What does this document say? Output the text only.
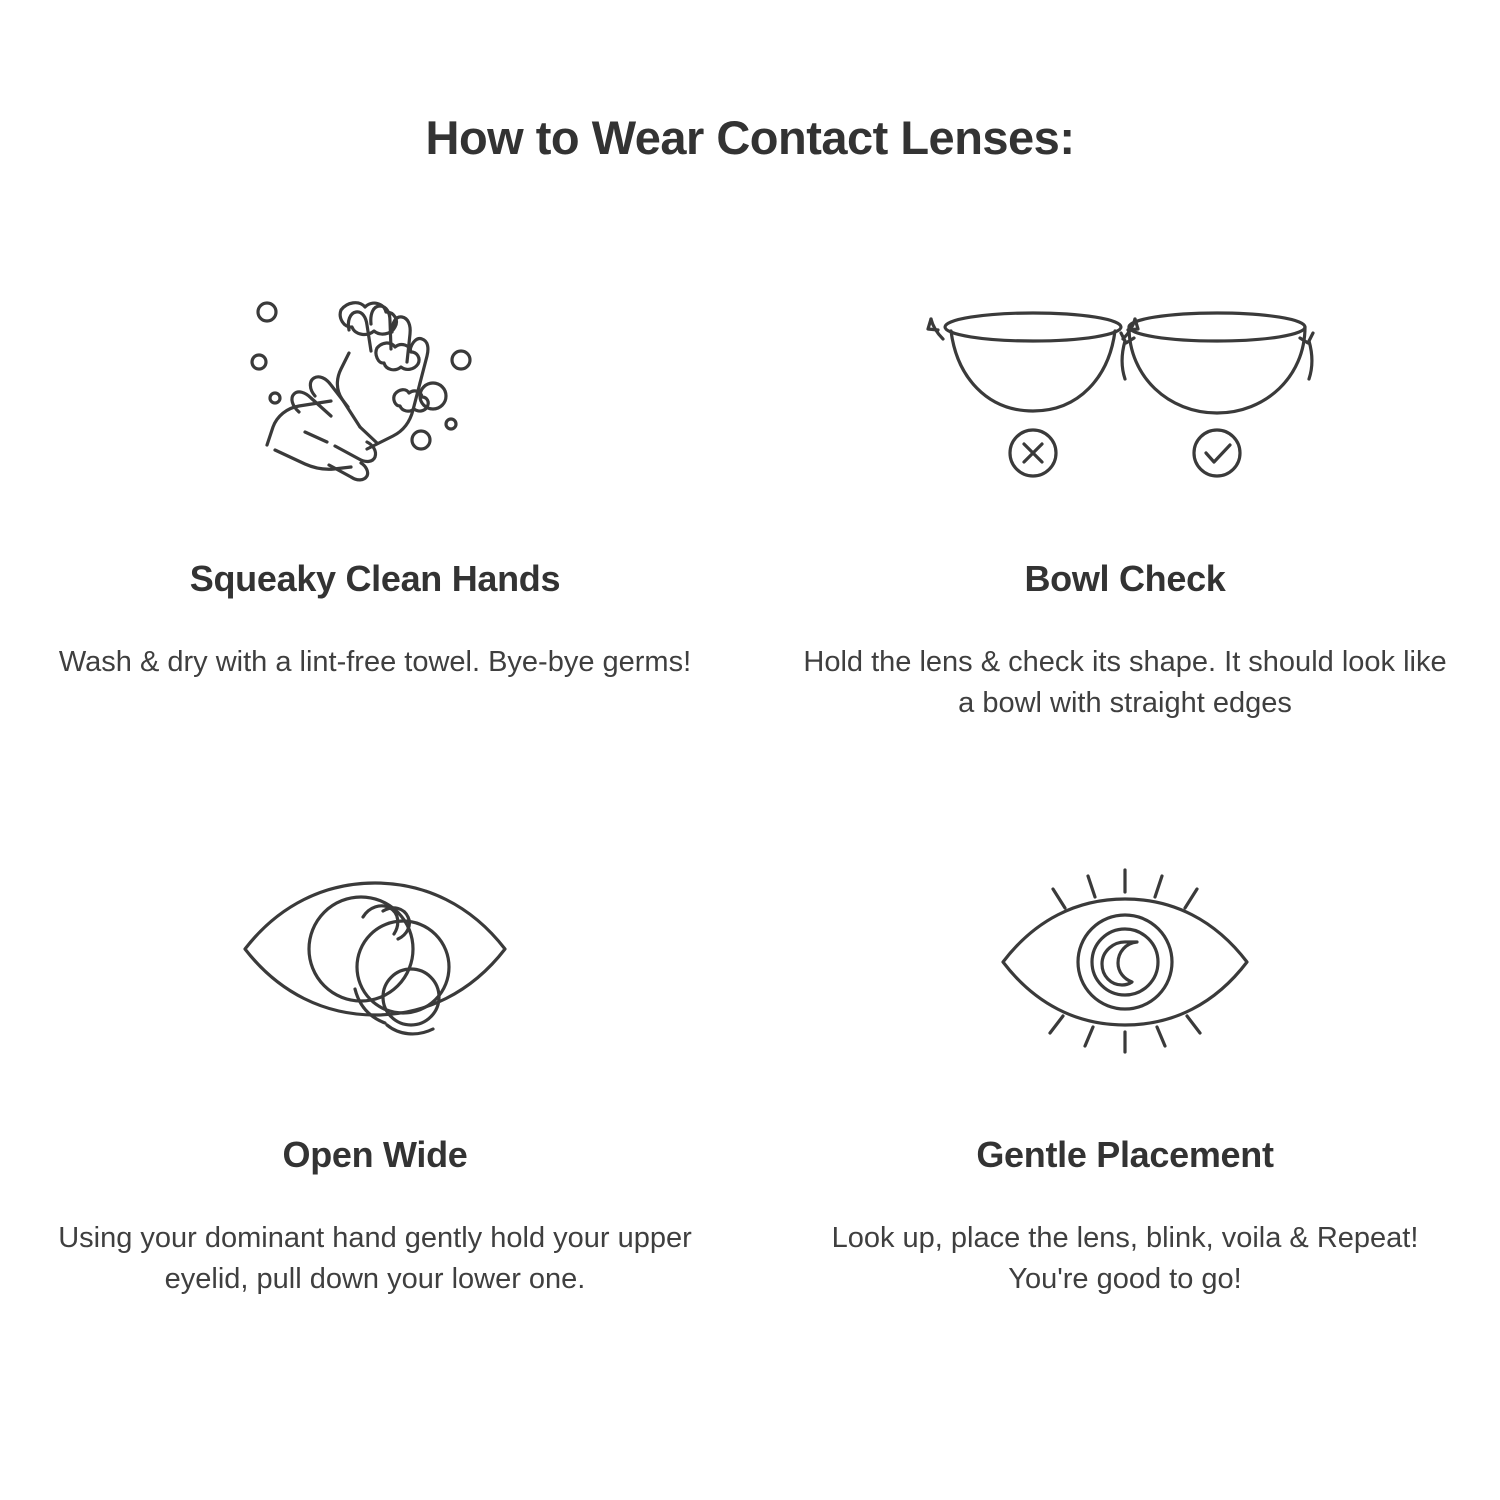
How to Wear Contact Lenses:
Squeaky Clean Hands

Wash & dry with a lint-free towel. Bye-bye germs!

Bowl Check

Hold the lens & check its shape. It should look like a bowl with straight edges

Open Wide

Using your dominant hand gently hold your upper eyelid, pull down your lower one.

Gentle Placement

Look up, place the lens, blink, voila & Repeat! You're good to go!
